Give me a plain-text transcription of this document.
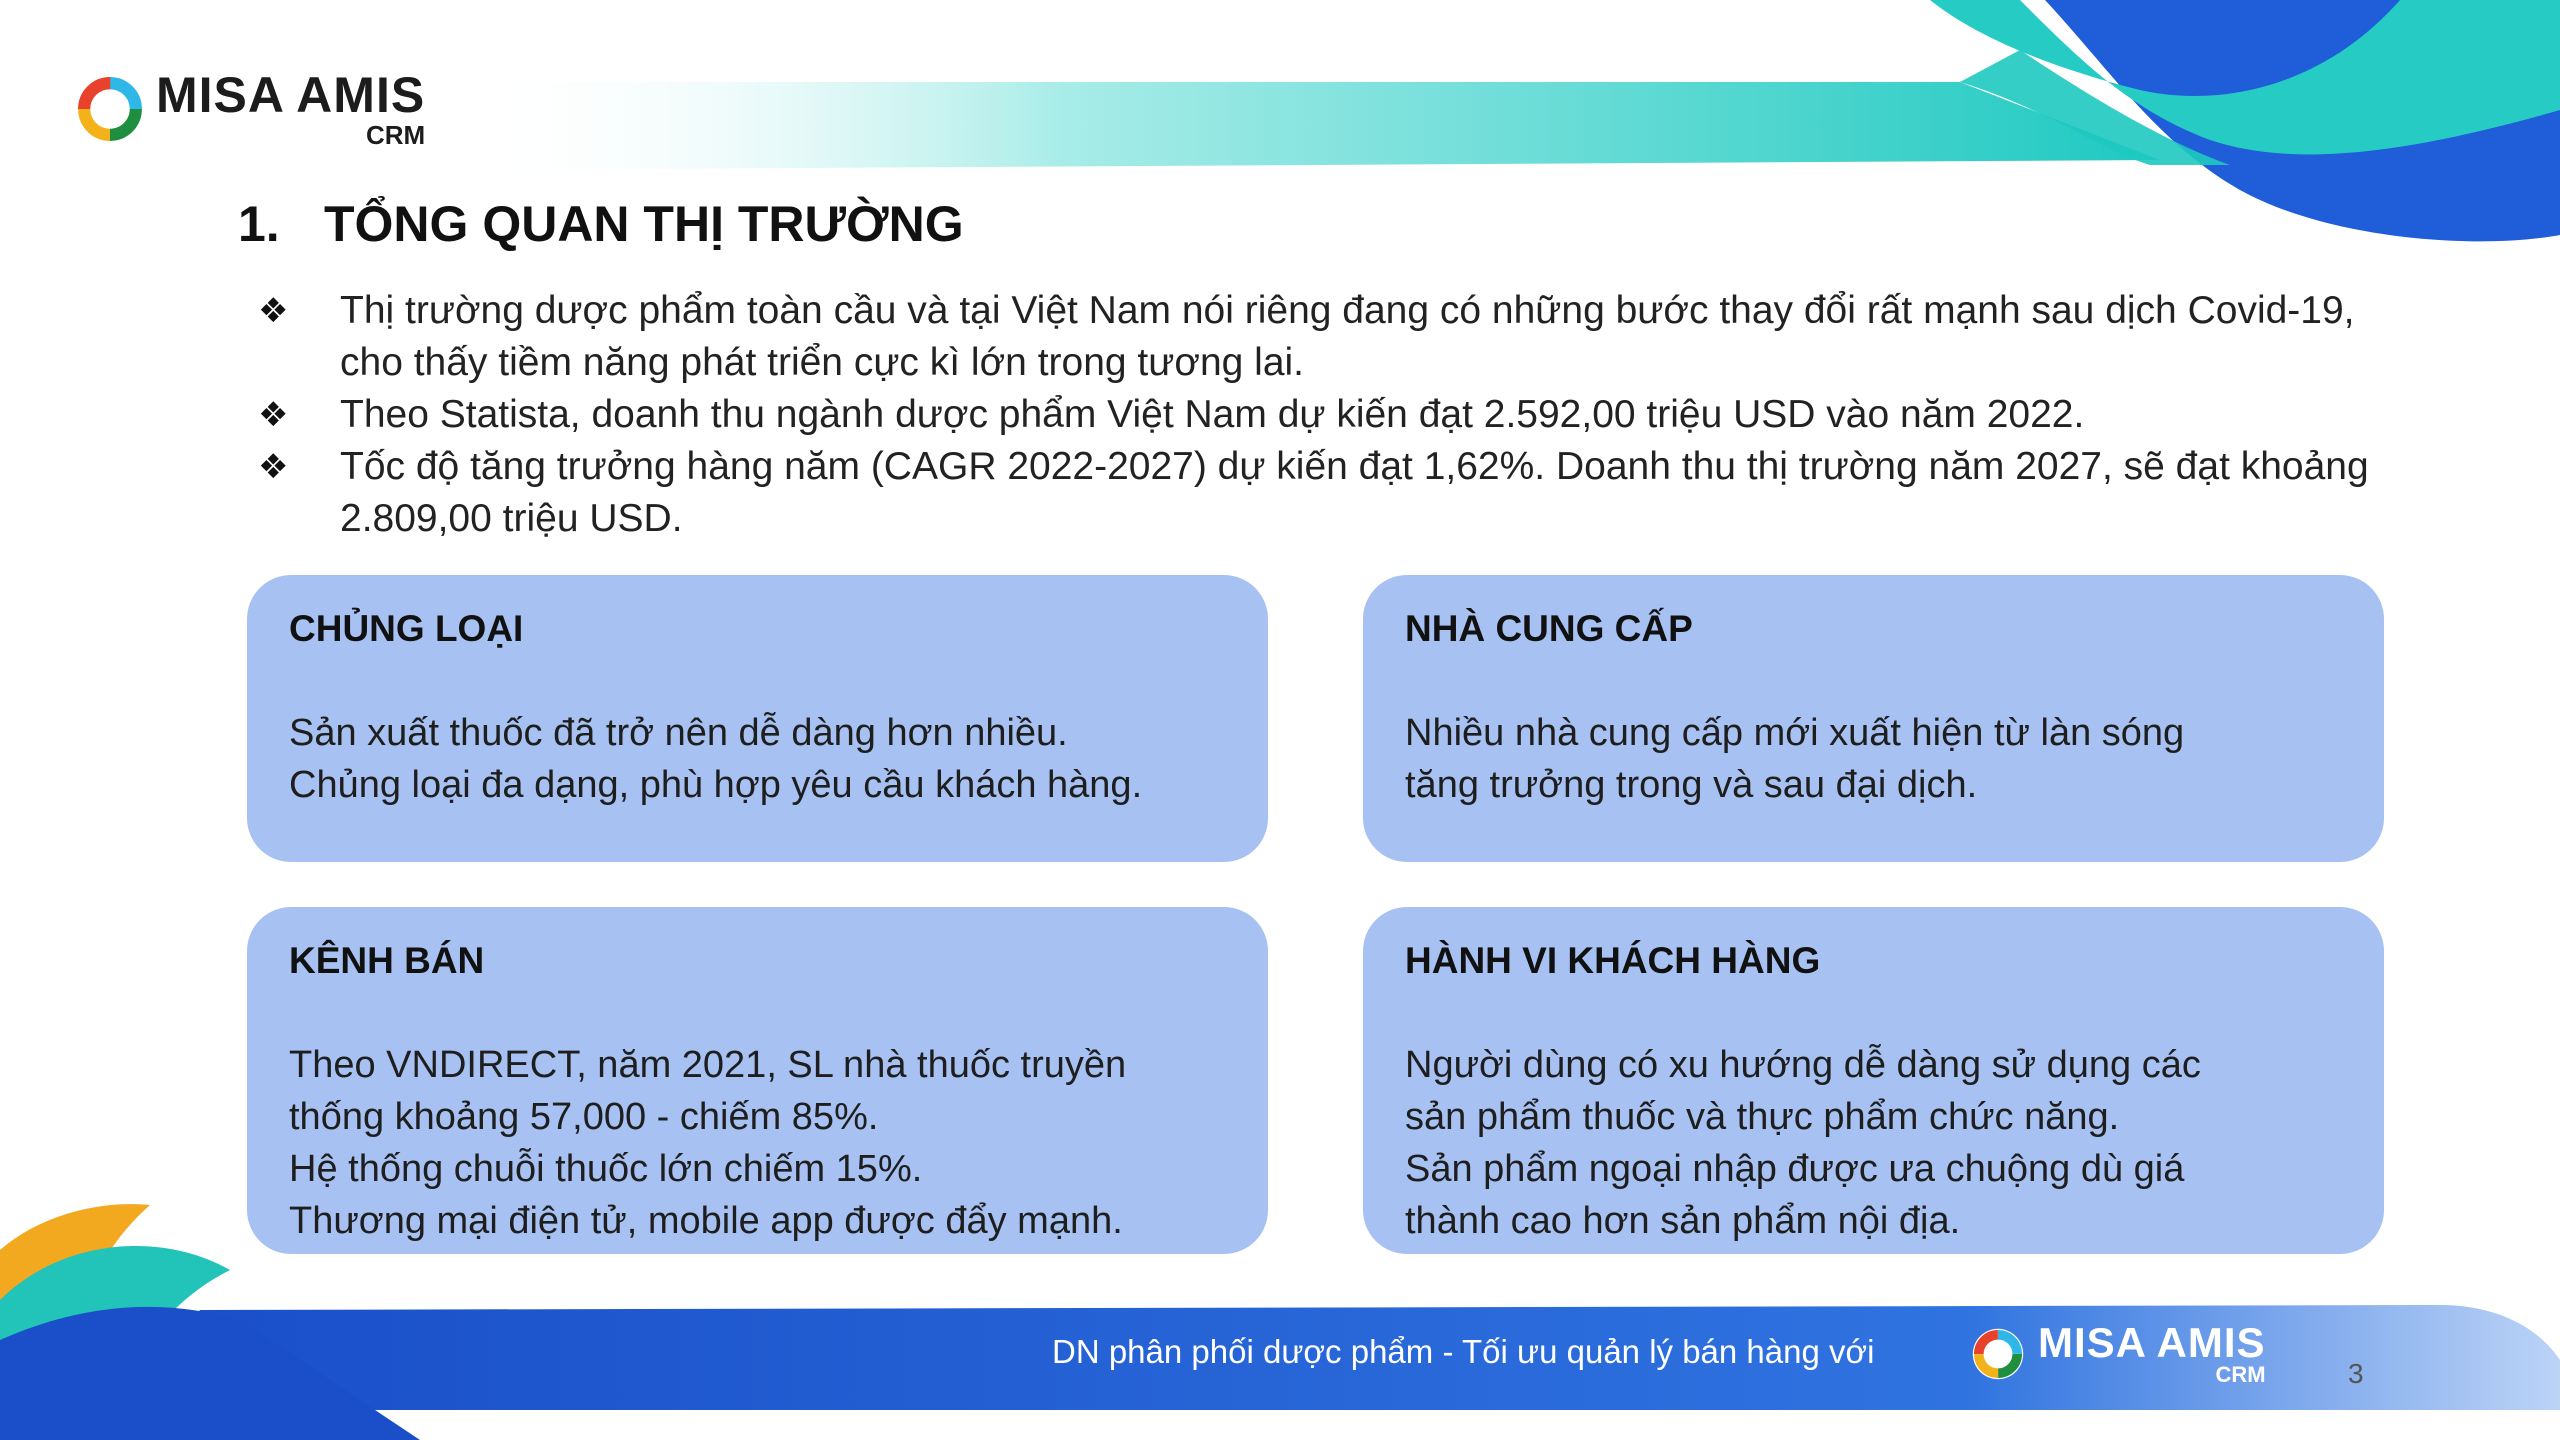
MISA AMIS
CRM
1. TỔNG QUAN THỊ TRƯỜNG
❖ Thị trường dược phẩm toàn cầu và tại Việt Nam nói riêng đang có những bước thay đổi rất mạnh sau dịch Covid-19, cho thấy tiềm năng phát triển cực kì lớn trong tương lai.
❖ Theo Statista, doanh thu ngành dược phẩm Việt Nam dự kiến đạt 2.592,00 triệu USD vào năm 2022.
❖ Tốc độ tăng trưởng hàng năm (CAGR 2022-2027) dự kiến đạt 1,62%. Doanh thu thị trường năm 2027, sẽ đạt khoảng 2.809,00 triệu USD.
CHỦNG LOẠI

Sản xuất thuốc đã trở nên dễ dàng hơn nhiều.

Chủng loại đa dạng, phù hợp yêu cầu khách hàng.

NHÀ CUNG CẤP

Nhiều nhà cung cấp mới xuất hiện từ làn sóng

tăng trưởng trong và sau đại dịch.

KÊNH BÁN

Theo VNDIRECT, năm 2021, SL nhà thuốc truyền

thống khoảng 57,000 - chiếm 85%.

Hệ thống chuỗi thuốc lớn chiếm 15%.

Thương mại điện tử, mobile app được đẩy mạnh.

HÀNH VI KHÁCH HÀNG

Người dùng có xu hướng dễ dàng sử dụng các

sản phẩm thuốc và thực phẩm chức năng.

Sản phẩm ngoại nhập được ưa chuộng dù giá

thành cao hơn sản phẩm nội địa.

DN phân phối dược phẩm - Tối ưu quản lý bán hàng với	MISA AMIS
CRM	3
